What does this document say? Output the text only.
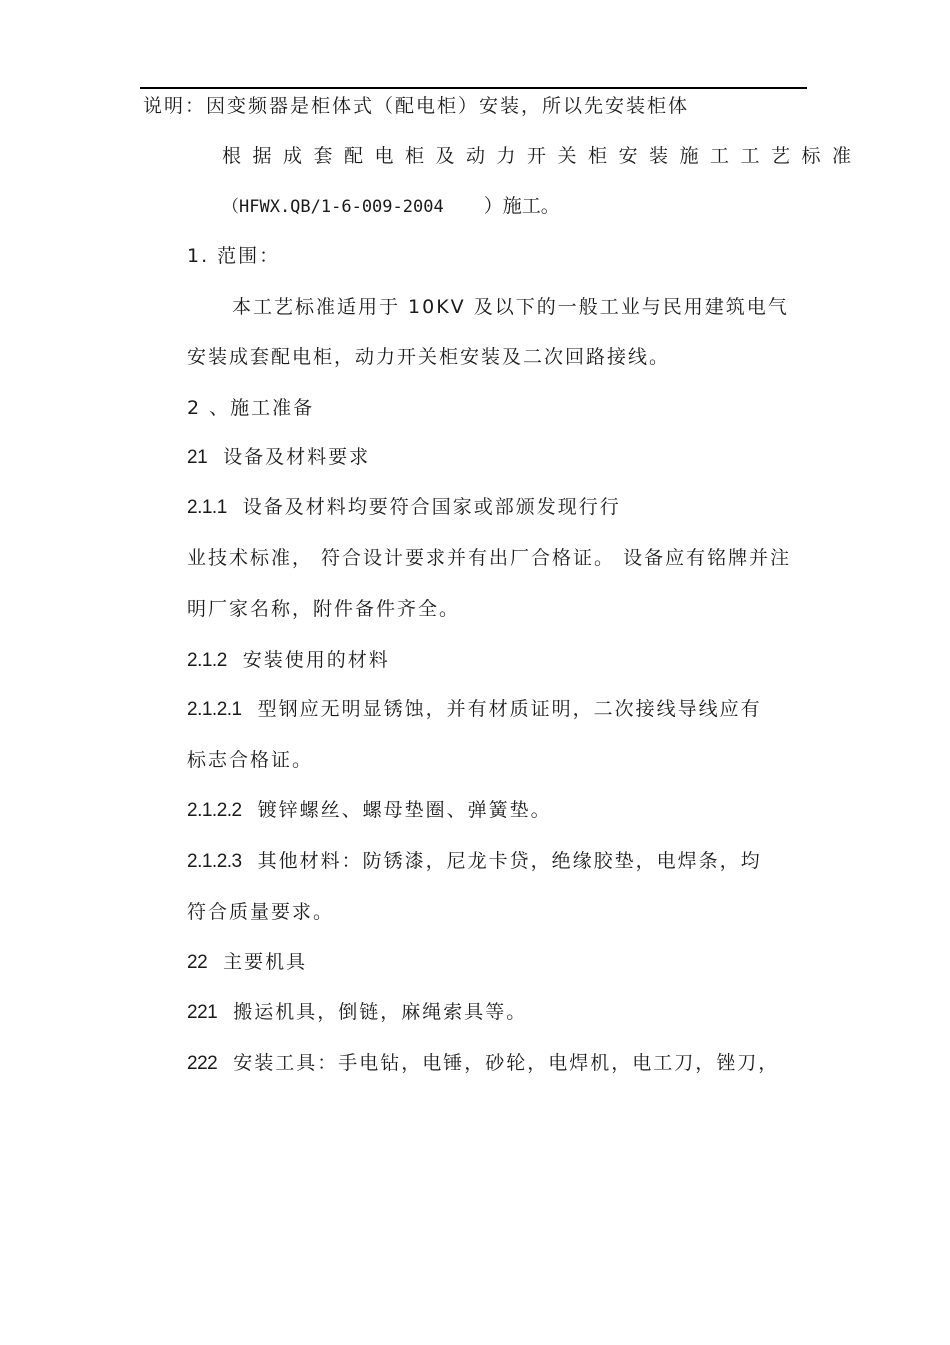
说明：因变频器是柜体式（配电柜）安装，所以先安装柜体
根据成套配电柜及动力开关柜安装施工工艺标准
（HFWX.QB/1-6-009-2004 ）施工。
1. 范围：
本工艺标准适用于 10KV 及以下的一般工业与民用建筑电气
安装成套配电柜，动力开关柜安装及二次回路接线。
2 、施工准备
21 设备及材料要求
2.1.1 设备及材料均要符合国家或部颁发现行行
业技术标准， 符合设计要求并有出厂合格证。 设备应有铭牌并注
明厂家名称，附件备件齐全。
2.1.2 安装使用的材料
2.1.2.1 型钢应无明显锈蚀，并有材质证明，二次接线导线应有
标志合格证。
2.1.2.2 镀锌螺丝、螺母垫圈、弹簧垫。
2.1.2.3 其他材料：防锈漆，尼龙卡贷，绝缘胶垫，电焊条，均
符合质量要求。
22 主要机具
221 搬运机具，倒链，麻绳索具等。
222 安装工具：手电钻，电锤，砂轮，电焊机，电工刀，锉刀，
